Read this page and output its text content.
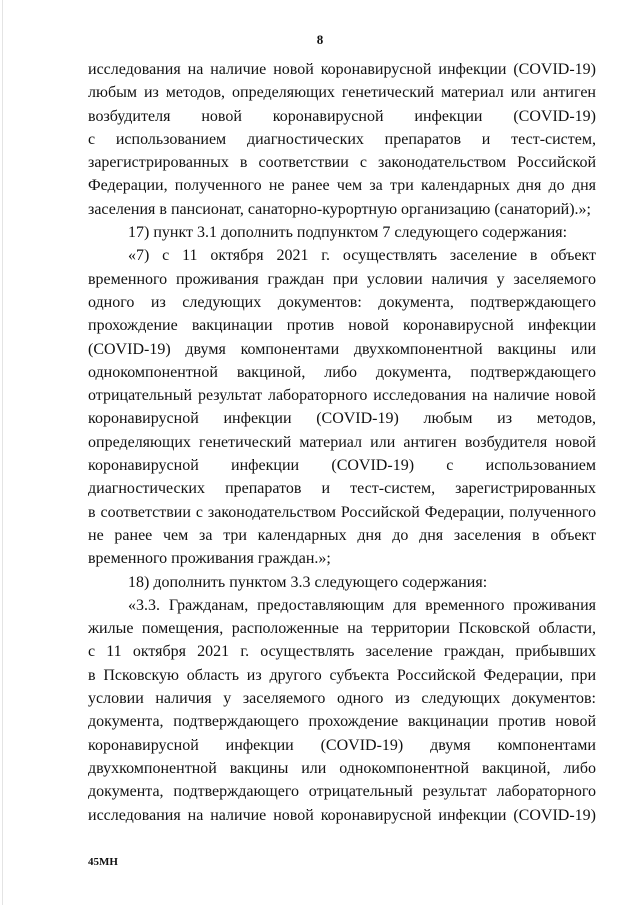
8
исследования на наличие новой коронавирусной инфекции (COVID-19)
любым из методов, определяющих генетический материал или антиген
возбудителя новой коронавирусной инфекции (COVID-19)
с использованием диагностических препаратов и тест-систем,
зарегистрированных в соответствии с законодательством Российской
Федерации, полученного не ранее чем за три календарных дня до дня
заселения в пансионат, санаторно-курортную организацию (санаторий).»;
17) пункт 3.1 дополнить подпунктом 7 следующего содержания:
«7) с 11 октября 2021 г. осуществлять заселение в объект
временного проживания граждан при условии наличия у заселяемого
одного из следующих документов: документа, подтверждающего
прохождение вакцинации против новой коронавирусной инфекции
(COVID-19) двумя компонентами двухкомпонентной вакцины или
однокомпонентной вакциной, либо документа, подтверждающего
отрицательный результат лабораторного исследования на наличие новой
коронавирусной инфекции (COVID-19) любым из методов,
определяющих генетический материал или антиген возбудителя новой
коронавирусной инфекции (COVID-19) с использованием
диагностических препаратов и тест-систем, зарегистрированных
в соответствии с законодательством Российской Федерации, полученного
не ранее чем за три календарных дня до дня заселения в объект
временного проживания граждан.»;
18) дополнить пунктом 3.3 следующего содержания:
«3.3. Гражданам, предоставляющим для временного проживания
жилые помещения, расположенные на территории Псковской области,
с 11 октября 2021 г. осуществлять заселение граждан, прибывших
в Псковскую область из другого субъекта Российской Федерации, при
условии наличия у заселяемого одного из следующих документов:
документа, подтверждающего прохождение вакцинации против новой
коронавирусной инфекции (COVID-19) двумя компонентами
двухкомпонентной вакцины или однокомпонентной вакциной, либо
документа, подтверждающего отрицательный результат лабораторного
исследования на наличие новой коронавирусной инфекции (COVID-19)
45МН
